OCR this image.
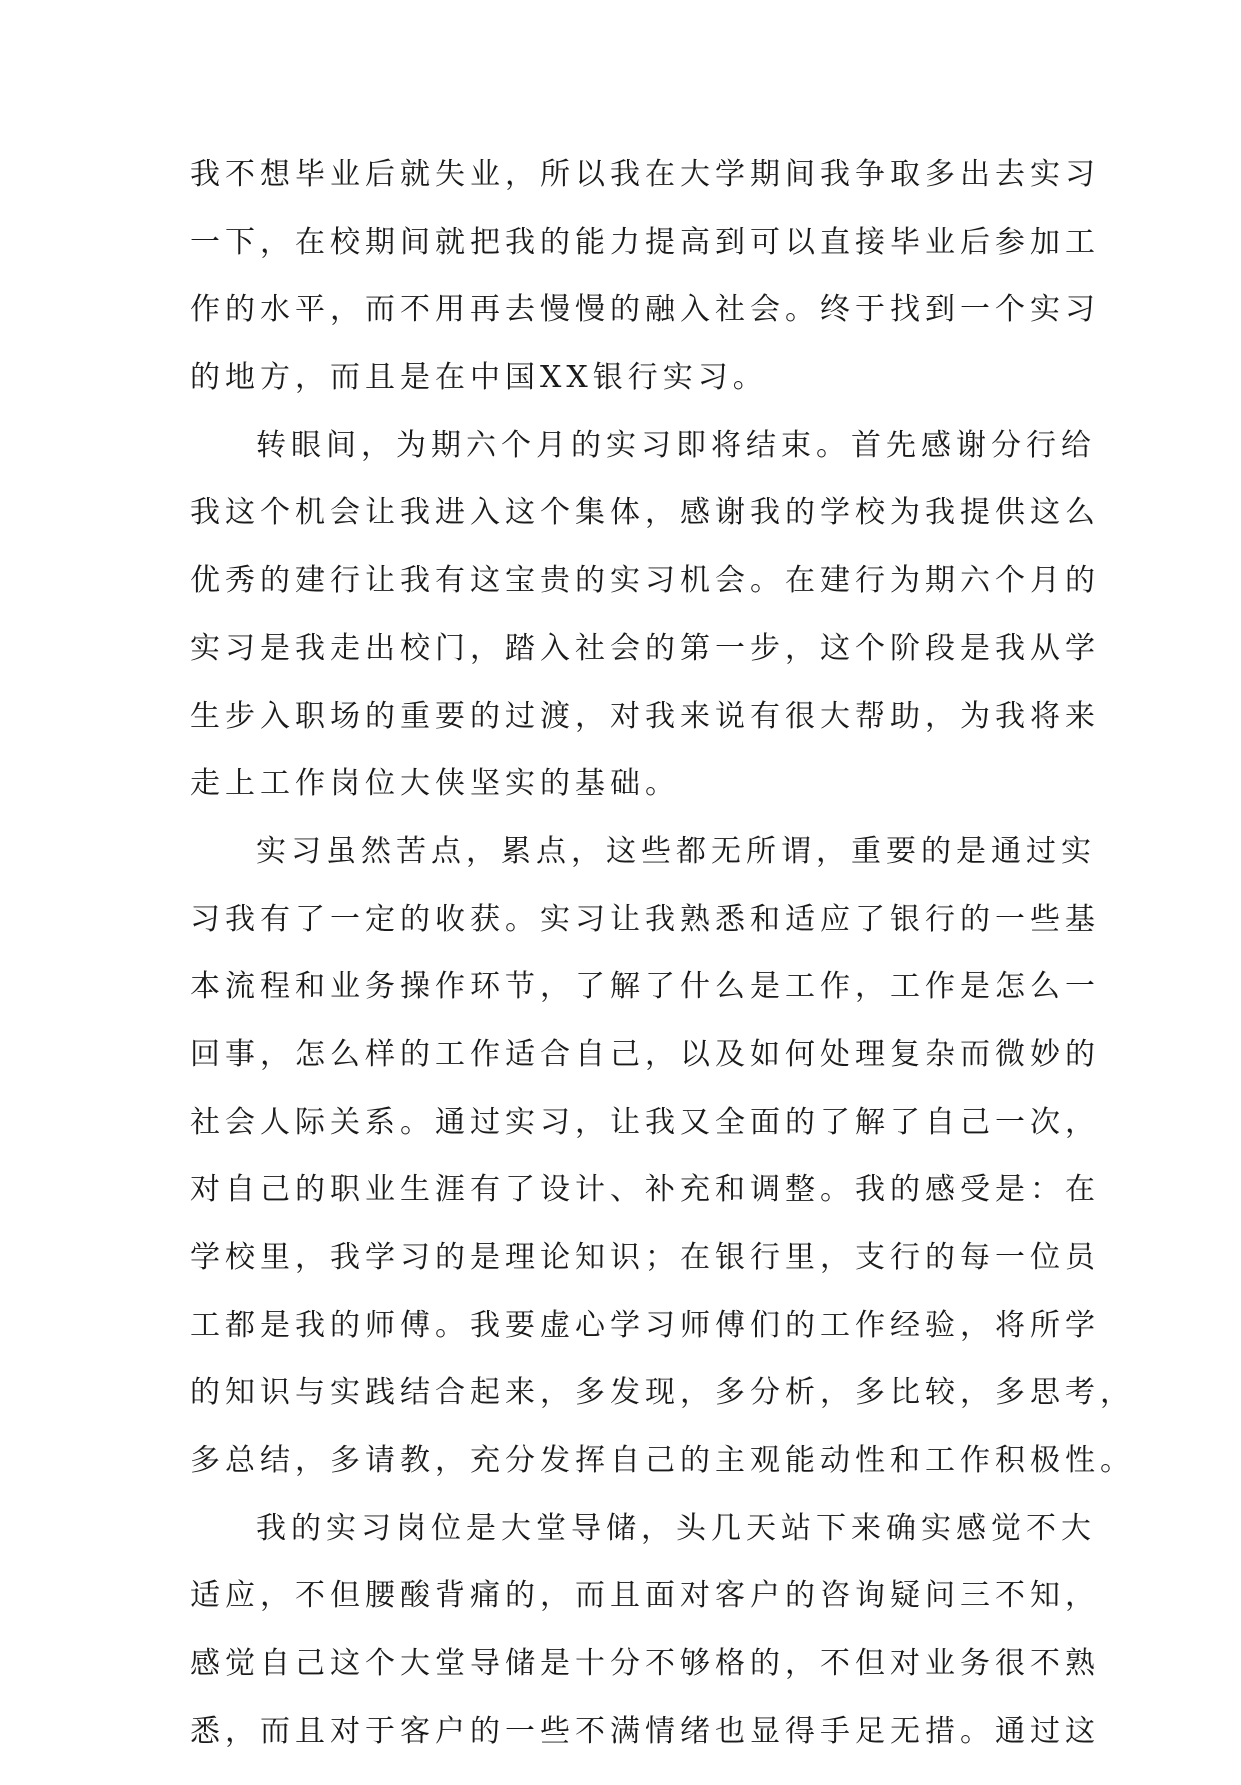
我不想毕业后就失业，所以我在大学期间我争取多出去实习
一下，在校期间就把我的能力提高到可以直接毕业后参加工
作的水平，而不用再去慢慢的融入社会。终于找到一个实习
的地方，而且是在中国XX银行实习。
转眼间，为期六个月的实习即将结束。首先感谢分行给
我这个机会让我进入这个集体，感谢我的学校为我提供这么
优秀的建行让我有这宝贵的实习机会。在建行为期六个月的
实习是我走出校门，踏入社会的第一步，这个阶段是我从学
生步入职场的重要的过渡，对我来说有很大帮助，为我将来
走上工作岗位大侠坚实的基础。
实习虽然苦点，累点，这些都无所谓，重要的是通过实
习我有了一定的收获。实习让我熟悉和适应了银行的一些基
本流程和业务操作环节，了解了什么是工作，工作是怎么一
回事，怎么样的工作适合自己，以及如何处理复杂而微妙的
社会人际关系。通过实习，让我又全面的了解了自己一次，
对自己的职业生涯有了设计、补充和调整。我的感受是：在
学校里，我学习的是理论知识；在银行里，支行的每一位员
工都是我的师傅。我要虚心学习师傅们的工作经验，将所学
的知识与实践结合起来，多发现，多分析，多比较，多思考，
多总结，多请教，充分发挥自己的主观能动性和工作积极性。
我的实习岗位是大堂导储，头几天站下来确实感觉不大
适应，不但腰酸背痛的，而且面对客户的咨询疑问三不知，
感觉自己这个大堂导储是十分不够格的，不但对业务很不熟
悉，而且对于客户的一些不满情绪也显得手足无措。通过这
